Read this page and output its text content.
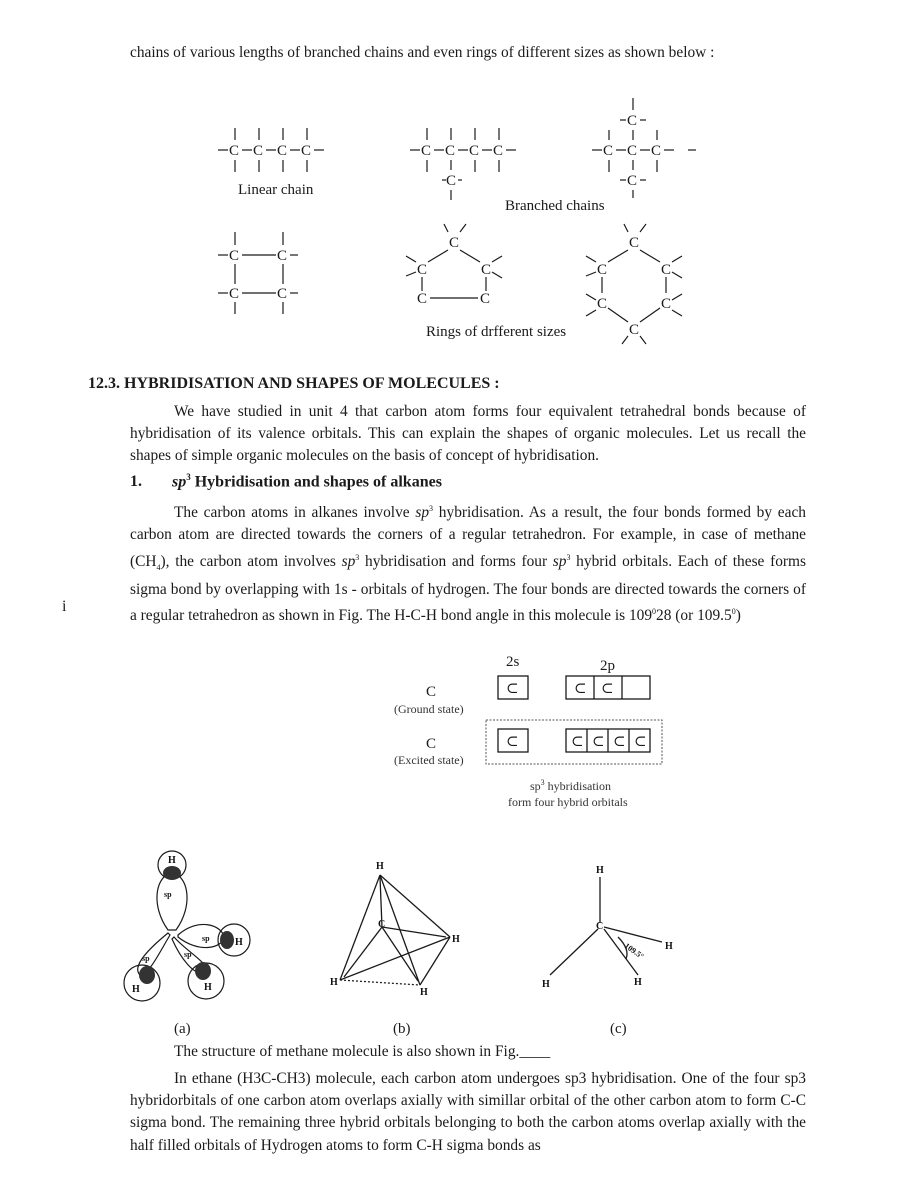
chains of various lengths of branched chains and even rings of different sizes as shown below :

C C C C	C C C C
C
C C C
C
C
C	C
C	C
C
C	C
C	C
C
C	C
C	C
C
Linear chain
Branched chains
Rings of drfferent sizes

12.3. HYBRIDISATION AND SHAPES OF MOLECULES :

We have studied in unit 4 that carbon atom forms four equivalent tetrahedral bonds because of hybridisation of its valence orbitals. This can explain the shapes of organic molecules. Let us recall the shapes of simple organic molecules on the basis of concept of hybridisation.

1. $sp^3$ Hybridisation and shapes of alkanes

The carbon atoms in alkanes involve $sp^3$ hybridisation. As a result, the four bonds formed by each carbon atom are directed towards the corners of a regular tetrahedron. For example, in case of methane $(CH_4)$, the carbon atom involves $sp^3$ hybridisation and forms four $sp^3$ hybrid orbitals. Each of these forms sigma bond by overlapping with 1s - orbitals of hydrogen. The four bonds are directed towards the corners of a regular tetrahedron as shown in Fig. The H-C-H bond angle in this molecule is $109^028$ (or 109.5$^0$)

i
2s	2p
C
(Ground state)
C
(Excited state)
⊂	⊂ ⊂
⊂	⊂ ⊂ ⊂ ⊂
$sp^3$ hybridisation
form four hybrid orbitals
H
H
H	H
sp
sp
sp	sp
H
C
H
H
H
H
C
H
H	H
109.5°
(a)	(b)	(c)

The structure of methane molecule is also shown in Fig.____

In ethane (H3C-CH3) molecule, each carbon atom undergoes sp3 hybridisation. One of the four sp3 hybridorbitals of one carbon atom overlaps axially with simillar orbital of the other carbon atom to form C-C sigma bond. The remaining three hybrid orbitals belonging to both the carbon atoms overlap axially with the half filled orbitals of Hydrogen atoms to form C-H sigma bonds as
